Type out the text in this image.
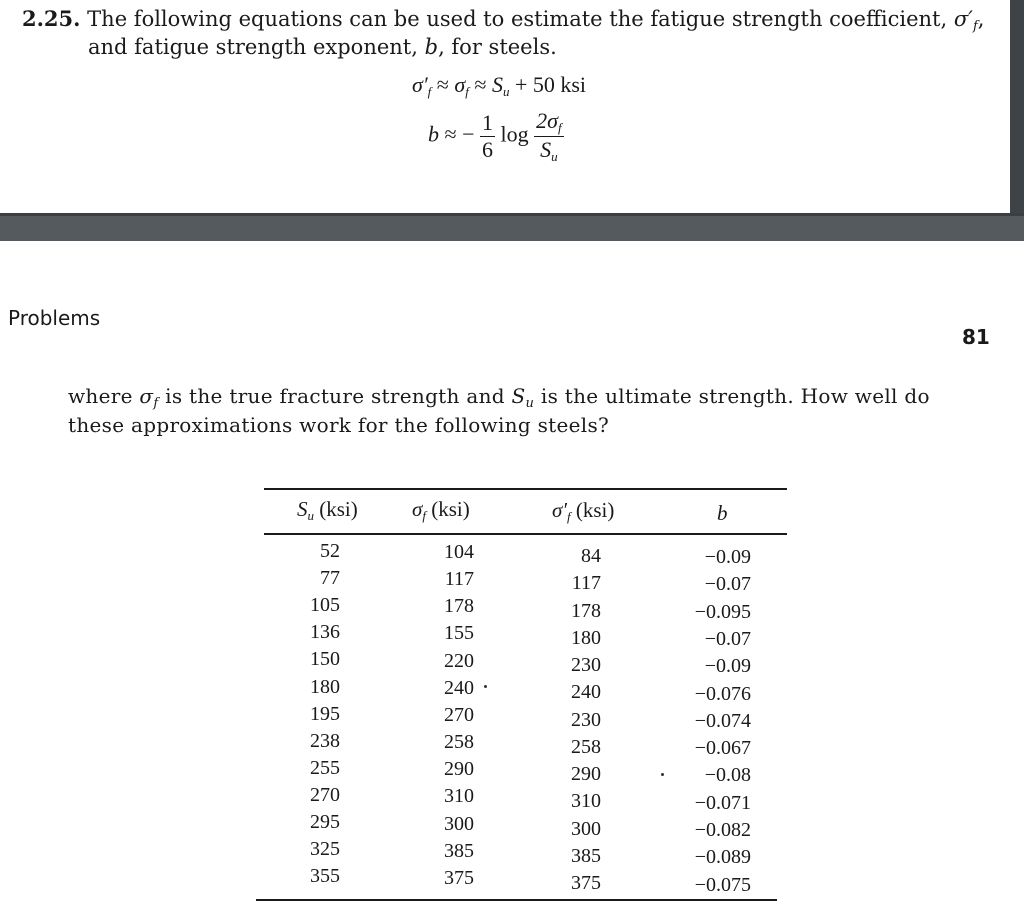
2.25. The following equations can be used to estimate the fatigue strength coefficient, $\sigma'_f$,
and fatigue strength exponent, b, for steels.
$\sigma'_f \approx \sigma_f \approx S_u + 50$ ksi
b ≈ − $\frac{1}{6}$ $\log \frac{2\sigma_f}{S_u}$
Problems
81
where $\sigma_f$ is the true fracture strength and $S_u$ is the ultimate strength. How well do
these approximations work for the following steels?
$S_u$ (ksi)	$\sigma_f$ (ksi)	$\sigma'_f$ (ksi)	b
52	104	84	−0.09
77	117	117	−0.07
105	178	178	−0.095
136	155	180	−0.07
150	220	230	−0.09
180	240	240	−0.076
195	270	230	−0.074
238	258	258	−0.067
255	290	290	−0.08
270	310	310	−0.071
295	300	300	−0.082
325	385	385	−0.089
355	375	375	−0.075
